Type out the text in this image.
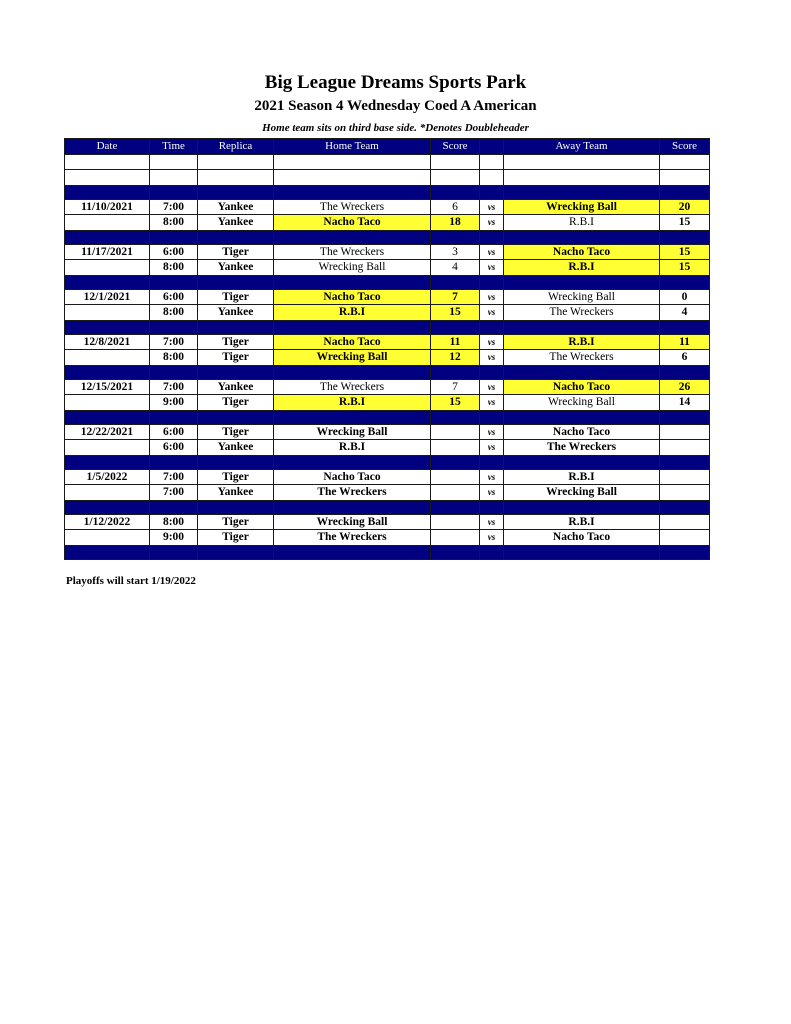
Big League Dreams Sports Park
2021 Season 4 Wednesday Coed A American
Home team sits on third base side. *Denotes Doubleheader
Date	Time	Replica	Home Team	Score		Away Team	Score

11/10/2021	7:00	Yankee	The Wreckers	6	vs	Wrecking Ball	20
	8:00	Yankee	Nacho Taco	18	vs	R.B.I	15

11/17/2021	6:00	Tiger	The Wreckers	3	vs	Nacho Taco	15
	8:00	Yankee	Wrecking Ball	4	vs	R.B.I	15

12/1/2021	6:00	Tiger	Nacho Taco	7	vs	Wrecking Ball	0
	8:00	Yankee	R.B.I	15	vs	The Wreckers	4

12/8/2021	7:00	Tiger	Nacho Taco	11	vs	R.B.I	11
	8:00	Tiger	Wrecking Ball	12	vs	The Wreckers	6

12/15/2021	7:00	Yankee	The Wreckers	7	vs	Nacho Taco	26
	9:00	Tiger	R.B.I	15	vs	Wrecking Ball	14

12/22/2021	6:00	Tiger	Wrecking Ball		vs	Nacho Taco	
	6:00	Yankee	R.B.I		vs	The Wreckers	

1/5/2022	7:00	Tiger	Nacho Taco		vs	R.B.I	
	7:00	Yankee	The Wreckers		vs	Wrecking Ball	

1/12/2022	8:00	Tiger	Wrecking Ball		vs	R.B.I	
	9:00	Tiger	The Wreckers		vs	Nacho Taco	

Playoffs will start 1/19/2022
